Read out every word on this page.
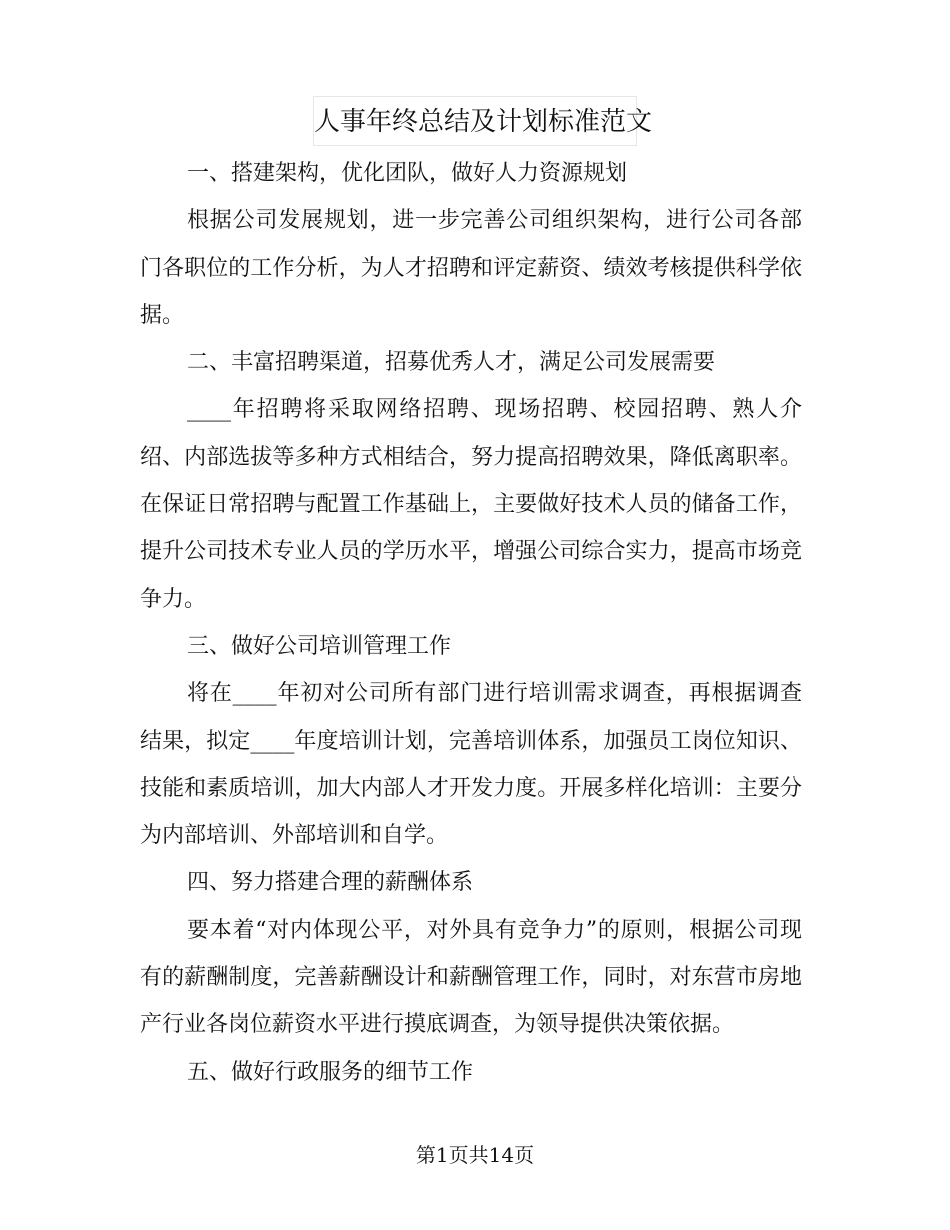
人事年终总结及计划标准范文

一、搭建架构，优化团队，做好人力资源规划

根据公司发展规划，进一步完善公司组织架构，进行公司各部门各职位的工作分析，为人才招聘和评定薪资、绩效考核提供科学依据。

二、丰富招聘渠道，招募优秀人才，满足公司发展需要

____年招聘将采取网络招聘、现场招聘、校园招聘、熟人介绍、内部选拔等多种方式相结合，努力提高招聘效果，降低离职率。在保证日常招聘与配置工作基础上，主要做好技术人员的储备工作，提升公司技术专业人员的学历水平，增强公司综合实力，提高市场竞争力。

三、做好公司培训管理工作

将在____年初对公司所有部门进行培训需求调查，再根据调查结果，拟定____年度培训计划，完善培训体系，加强员工岗位知识、技能和素质培训，加大内部人才开发力度。开展多样化培训：主要分为内部培训、外部培训和自学。

四、努力搭建合理的薪酬体系

要本着“对内体现公平，对外具有竞争力”的原则，根据公司现有的薪酬制度，完善薪酬设计和薪酬管理工作，同时，对东营市房地产行业各岗位薪资水平进行摸底调查，为领导提供决策依据。

五、做好行政服务的细节工作

第1页共14页
